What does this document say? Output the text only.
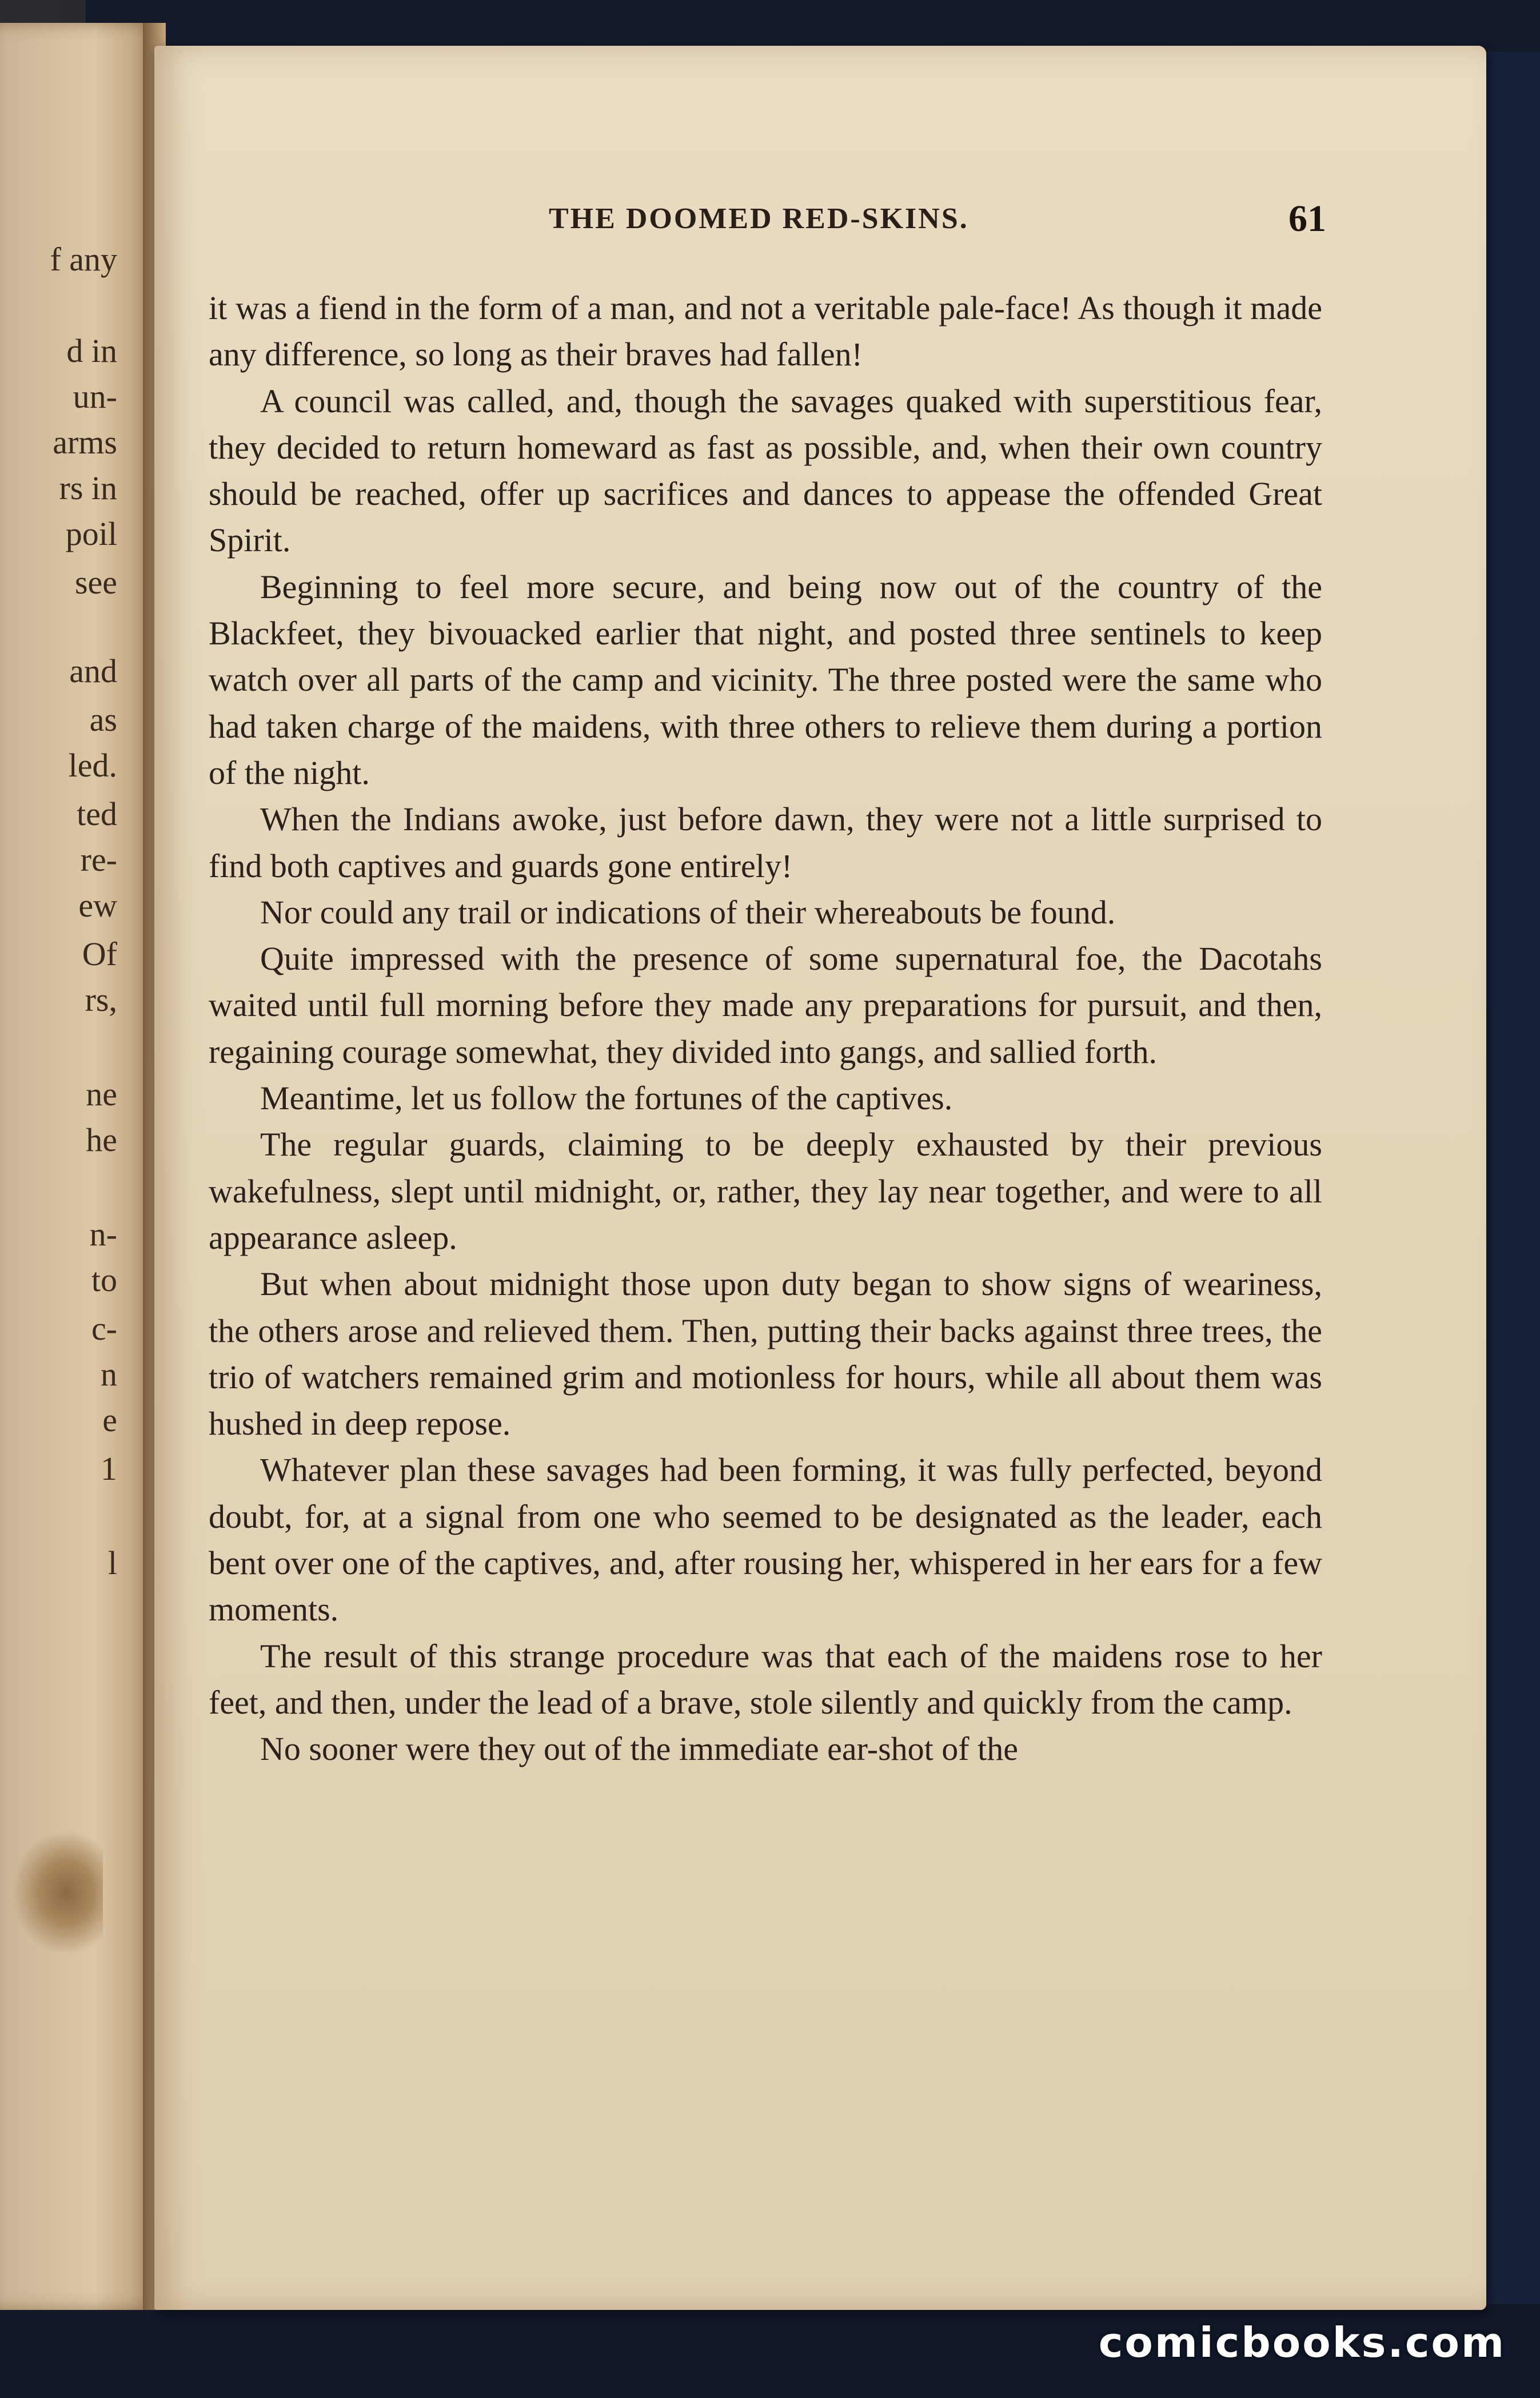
f any
d in
un-
arms
rs in
poil
see
and
as
led.
ted
re-
ew
Of
rs,
ne
he
n-
to
c-
n
e
1
l
THE DOOMED RED-SKINS.	61

it was a fiend in the form of a man, and not a veritable pale-face! As though it made any difference, so long as their braves had fallen!

A council was called, and, though the savages quaked with superstitious fear, they decided to return homeward as fast as possible, and, when their own country should be reached, offer up sacrifices and dances to appease the offended Great Spirit.

Beginning to feel more secure, and being now out of the country of the Blackfeet, they bivouacked earlier that night, and posted three sentinels to keep watch over all parts of the camp and vicinity. The three posted were the same who had taken charge of the maidens, with three others to relieve them during a portion of the night.

When the Indians awoke, just before dawn, they were not a little surprised to find both captives and guards gone entirely!

Nor could any trail or indications of their whereabouts be found.

Quite impressed with the presence of some supernatural foe, the Dacotahs waited until full morning before they made any preparations for pursuit, and then, regaining courage somewhat, they divided into gangs, and sallied forth.

Meantime, let us follow the fortunes of the captives.

The regular guards, claiming to be deeply exhausted by their previous wakefulness, slept until midnight, or, rather, they lay near together, and were to all appearance asleep.

But when about midnight those upon duty began to show signs of weariness, the others arose and relieved them. Then, putting their backs against three trees, the trio of watchers remained grim and motionless for hours, while all about them was hushed in deep repose.

Whatever plan these savages had been forming, it was fully perfected, beyond doubt, for, at a signal from one who seemed to be designated as the leader, each bent over one of the captives, and, after rousing her, whispered in her ears for a few moments.

The result of this strange procedure was that each of the maidens rose to her feet, and then, under the lead of a brave, stole silently and quickly from the camp.

No sooner were they out of the immediate ear-shot of the

comicbooks.com
